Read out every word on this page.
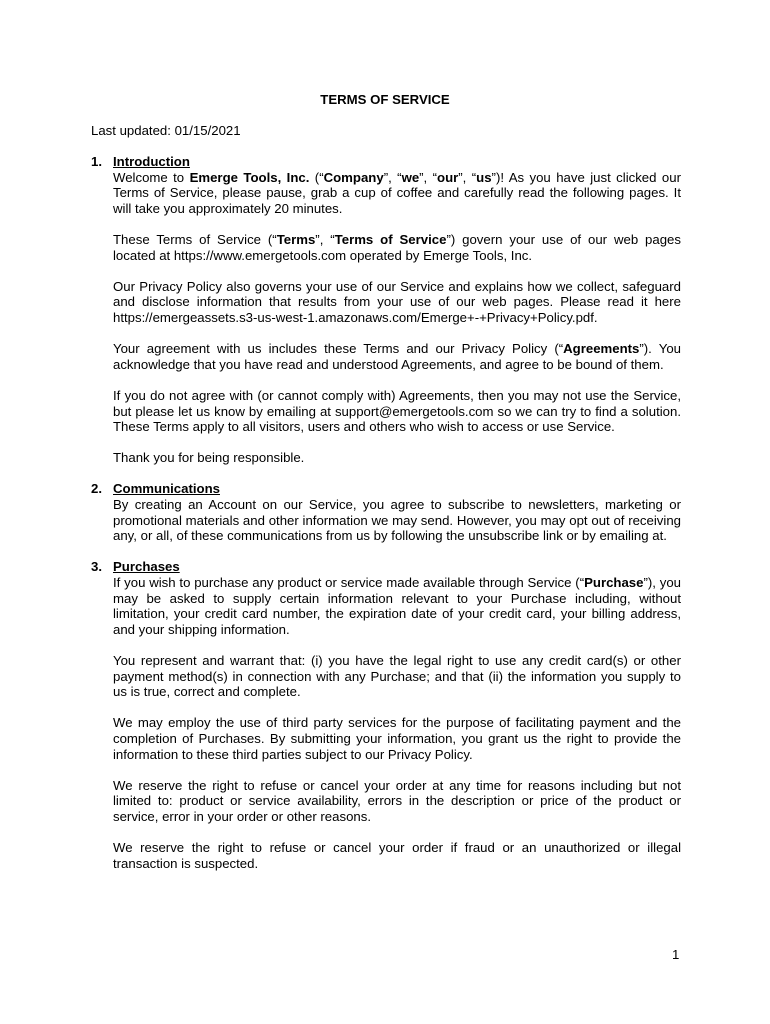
TERMS OF SERVICE
Last updated: 01/15/2021
1. Introduction

Welcome to Emerge Tools, Inc. (“Company”, “we”, “our”, “us”)! As you have just clicked our Terms of Service, please pause, grab a cup of coffee and carefully read the following pages. It will take you approximately 20 minutes.

These Terms of Service (“Terms”, “Terms of Service”) govern your use of our web pages located at https://www.emergetools.com operated by Emerge Tools, Inc.

Our Privacy Policy also governs your use of our Service and explains how we collect, safeguard and disclose information that results from your use of our web pages. Please read it here https://emergeassets.s3-us-west-1.amazonaws.com/Emerge+-+Privacy+Policy.pdf.

Your agreement with us includes these Terms and our Privacy Policy (“Agreements”). You acknowledge that you have read and understood Agreements, and agree to be bound of them.

If you do not agree with (or cannot comply with) Agreements, then you may not use the Service, but please let us know by emailing at support@emergetools.com so we can try to find a solution. These Terms apply to all visitors, users and others who wish to access or use Service.

Thank you for being responsible.

2. Communications

By creating an Account on our Service, you agree to subscribe to newsletters, marketing or promotional materials and other information we may send. However, you may opt out of receiving any, or all, of these communications from us by following the unsubscribe link or by emailing at.

3. Purchases

If you wish to purchase any product or service made available through Service (“Purchase”), you may be asked to supply certain information relevant to your Purchase including, without limitation, your credit card number, the expiration date of your credit card, your billing address, and your shipping information.

You represent and warrant that: (i) you have the legal right to use any credit card(s) or other payment method(s) in connection with any Purchase; and that (ii) the information you supply to us is true, correct and complete.

We may employ the use of third party services for the purpose of facilitating payment and the completion of Purchases. By submitting your information, you grant us the right to provide the information to these third parties subject to our Privacy Policy.

We reserve the right to refuse or cancel your order at any time for reasons including but not limited to: product or service availability, errors in the description or price of the product or service, error in your order or other reasons.

We reserve the right to refuse or cancel your order if fraud or an unauthorized or illegal transaction is suspected.

1
